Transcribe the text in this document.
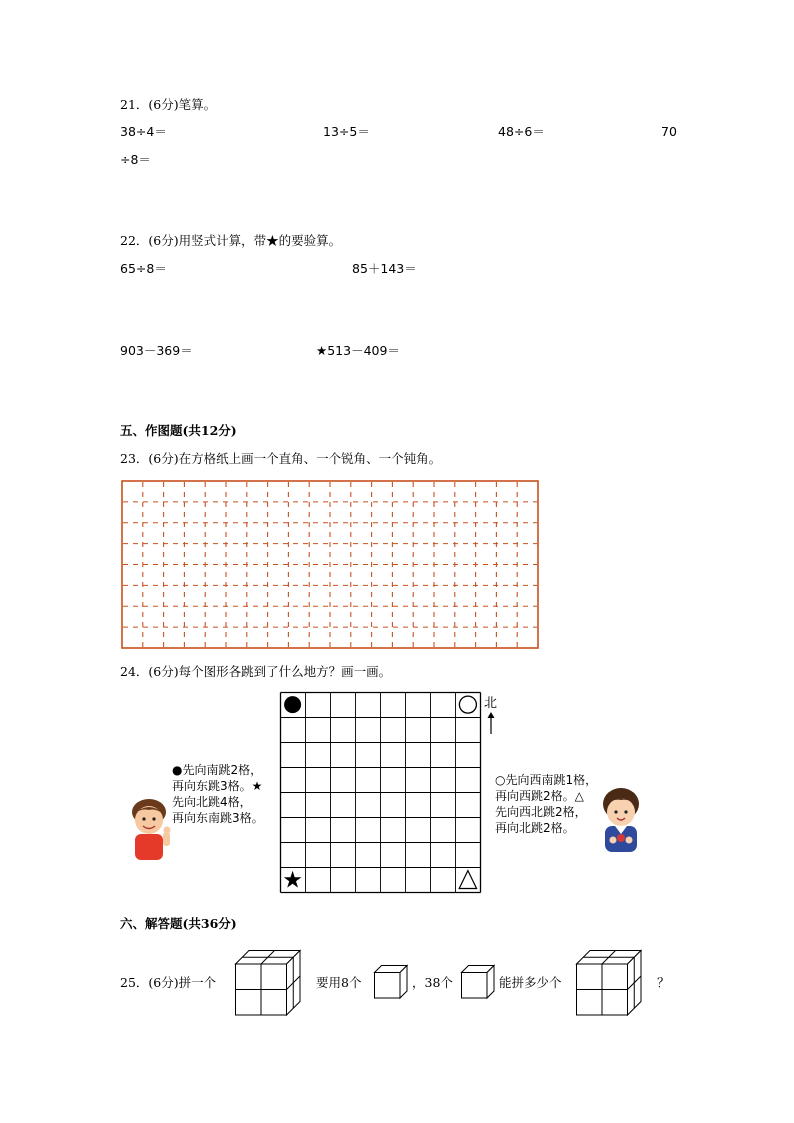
21．(6分)笔算。
38÷4＝	13÷5＝	48÷6＝	70
÷8＝
22．(6分)用竖式计算，带★的要验算。
65÷8＝	85＋143＝
903－369＝	★513－409＝
五、作图题(共12分)
23．(6分)在方格纸上画一个直角、一个锐角、一个钝角。
24．(6分)每个图形各跳到了什么地方？画一画。
北
●先向南跳2格，
再向东跳3格。★
先向北跳4格，
再向东南跳3格。
○先向西南跳1格，
再向西跳2格。△
先向西北跳2格，
再向北跳2格。
六、解答题(共36分)
25．(6分)拼一个	要用8个	，38个	能拼多少个	？
